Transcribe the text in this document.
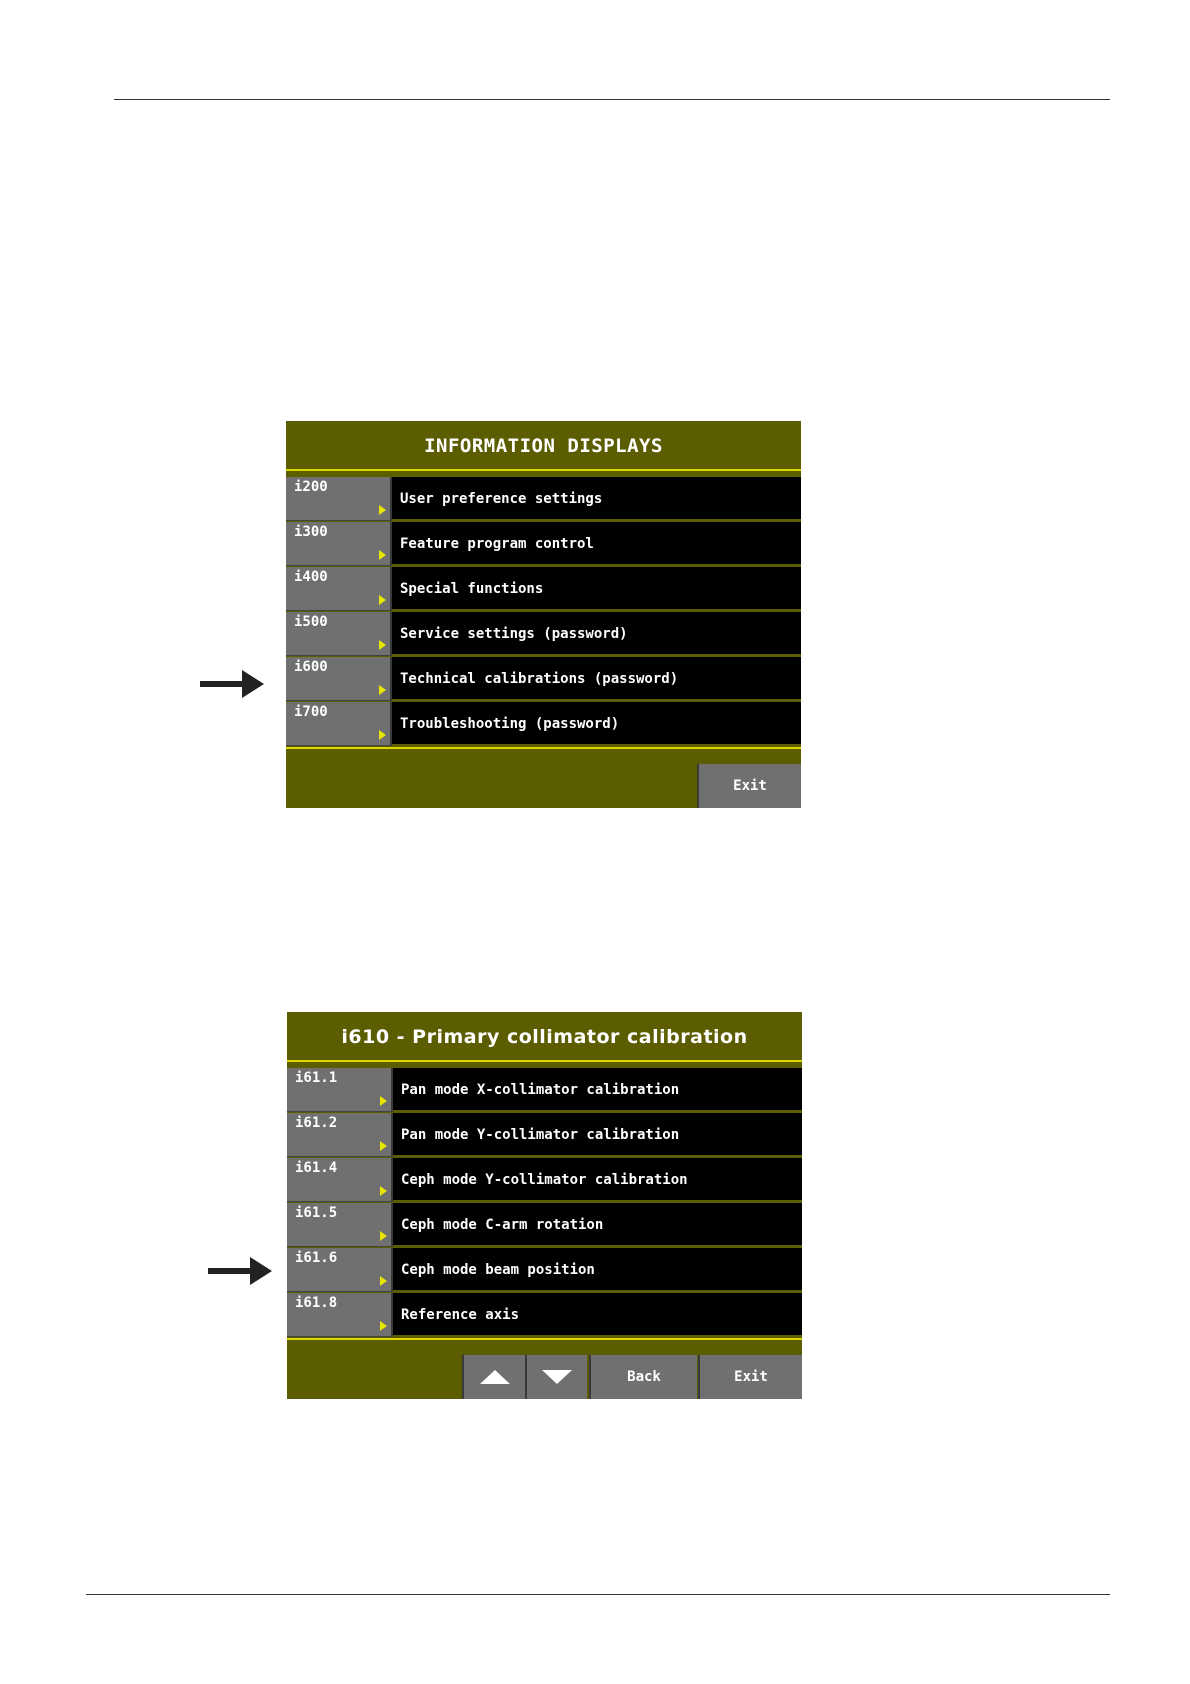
INFORMATION DISPLAYS
i200
User preference settings
i300
Feature program control
i400
Special functions
i500
Service settings (password)
i600
Technical calibrations (password)
i700
Troubleshooting (password)
Exit
i610 - Primary collimator calibration
i61.1
Pan mode X-collimator calibration
i61.2
Pan mode Y-collimator calibration
i61.4
Ceph mode Y-collimator calibration
i61.5
Ceph mode C-arm rotation
i61.6
Ceph mode beam position
i61.8
Reference axis
Back	Exit
